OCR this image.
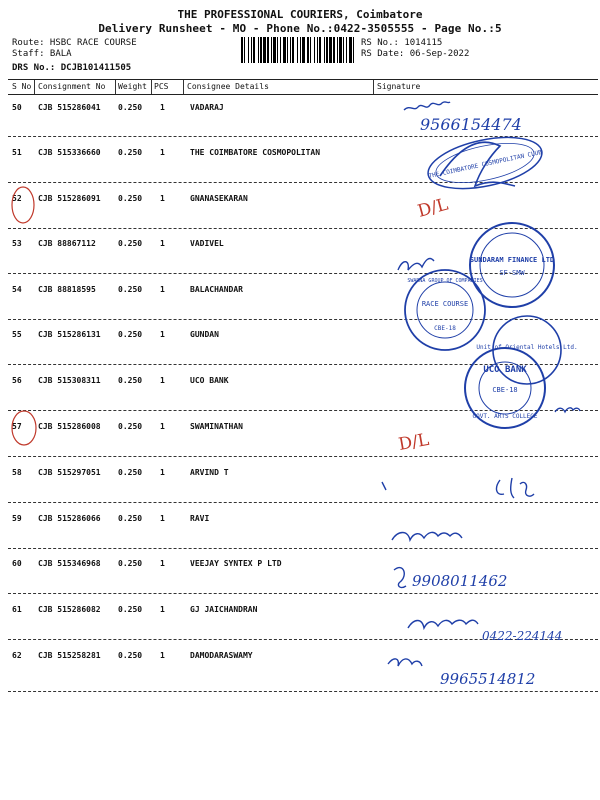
THE PROFESSIONAL COURIERS, Coimbatore
Delivery Runsheet - MO - Phone No.:0422-3505555 - Page No.:5
Route: HSBC RACE COURSE
Staff: BALA
DRS No.: DCJB101411505
RS No.: 1014115
RS Date: 06-Sep-2022
S No Consignment No Weight PCS Consignee Details	Signature
50 CJB 515286041 0.250 1	VADARAJ
51 CJB 515336660 0.250 1	THE COIMBATORE COSMOPOLITAN
52 CJB 515286091 0.250 1	GNANASEKARAN
53 CJB 88867112	0.250 1	VADIVEL
54 CJB 88818595	0.250 1	BALACHANDAR
55 CJB 515286131 0.250 1	GUNDAN
56 CJB 515308311 0.250 1	UCO BANK
57 CJB 515286008 0.250 1	SWAMINATHAN
58 CJB 515297051 0.250 1	ARVIND T
59 CJB 515286066 0.250 1	RAVI
60 CJB 515346968 0.250 1	VEEJAY SYNTEX P LTD
61 CJB 515286082 0.250 1	GJ JAICHANDRAN
62 CJB 515258281 0.250 1	DAMODARASWAMY
9566154474
THE COIMBATORE COSMOPOLITAN CLUB
D/L
SUNDARAM FINANCE LTD
SF-SMW
SWARNA GROUP OF COMPANIES
RACE COURSE
CBE-18
Unit of Oriental Hotels Ltd.
UCO BANK
CBE-18
GOVT. ARTS COLLEGE
D/L
9908011462
0422-224144
9965514812
